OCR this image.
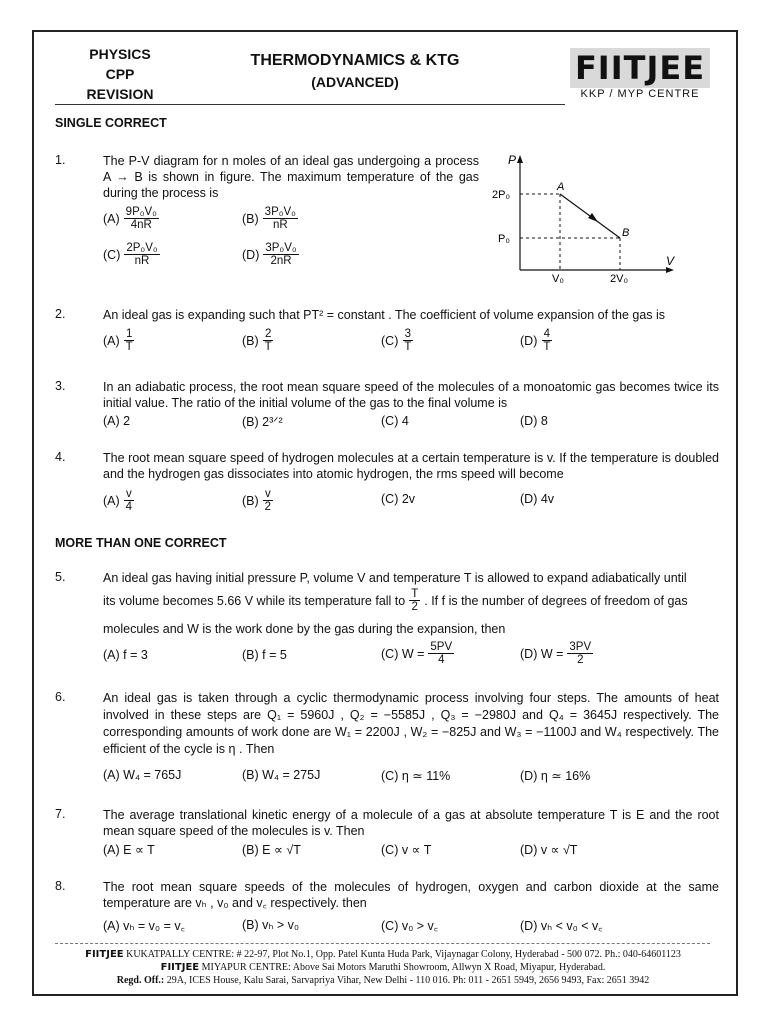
PHYSICS
CPP
REVISION
THERMODYNAMICS & KTG
(ADVANCED)	FIITJEE
KKP / MYP CENTRE
SINGLE CORRECT
1.	The P-V diagram for n moles of an ideal gas undergoing a process A → B is shown in figure. The maximum temperature of the gas during the process is
$(A) \frac{\text{9P₀V₀}}{4nR}$	$(B) \frac{\text{3P₀V₀}}{nR}$
$(C) \frac{\text{2P₀V₀}}{nR}$	$(D) \frac{\text{3P₀V₀}}{2nR}$
P
V
2P₀
P₀
V₀	2V₀
A
B
2.	An ideal gas is expanding such that PT² = constant . The coefficient of volume expansion of the gas is
$(A) \frac{1}{T}$	$(B) \frac{2}{T}$	$(C) \frac{3}{T}$	$(D) \frac{4}{T}$
3.	In an adiabatic process, the root mean square speed of the molecules of a monoatomic gas becomes twice its initial value. The ratio of the initial volume of the gas to the final volume is
(A) 2	(B) 2³ᐟ²	(C) 4	(D) 8
4.	The root mean square speed of hydrogen molecules at a certain temperature is v. If the temperature is doubled and the hydrogen gas dissociates into atomic hydrogen, the rms speed will become
$(A) \frac{v}{4}$	$(B) \frac{v}{2}$	(C) 2v	(D) 4v
MORE THAN ONE CORRECT
5.	An ideal gas having initial pressure P, volume V and temperature T is allowed to expand adiabatically until
its volume becomes 5.66 V while its temperature fall to $\frac{T}{2}$ . If f is the number of degrees of freedom of gas
molecules and W is the work done by the gas during the expansion, then
(A) f = 3	(B) f = 5	(C) $W = \frac{5PV}{4}$	(D) $W = \frac{3PV}{2}$
6.	An ideal gas is taken through a cyclic thermodynamic process involving four steps. The amounts of heat involved in these steps are Q₁ = 5960J , Q₂ = −5585J , Q₃ = −2980J and Q₄ = 3645J respectively. The corresponding amounts of work done are W₁ = 2200J , W₂ = −825J and W₃ = −1100J and W₄ respectively. The efficient of the cycle is η . Then
(A) W₄ = 765J	(B) W₄ = 275J	(C) η ≃ 11%	(D) η ≃ 16%
7.	The average translational kinetic energy of a molecule of a gas at absolute temperature T is E and the root mean square speed of the molecules is v. Then
(A) E ∝ T	(B) E ∝ √T	(C) v ∝ T	(D) v ∝ √T
8.	The root mean square speeds of the molecules of hydrogen, oxygen and carbon dioxide at the same temperature are vₕ , v₀ and v꜀ respectively. then
(A) vₕ = v₀ = v꜀	(B) vₕ > v₀	(C) v₀ > v꜀	(D) vₕ < v₀ < v꜀
FIITJEE KUKATPALLY CENTRE: # 22-97, Plot No.1, Opp. Patel Kunta Huda Park, Vijaynagar Colony, Hyderabad - 500 072. Ph.: 040-64601123
FIITJEE MIYAPUR CENTRE: Above Sai Motors Maruthi Showroom, Allwyn X Road, Miyapur, Hyderabad.
Regd. Off.: 29A, ICES House, Kalu Sarai, Sarvapriya Vihar, New Delhi - 110 016. Ph: 011 - 2651 5949, 2656 9493, Fax: 2651 3942
